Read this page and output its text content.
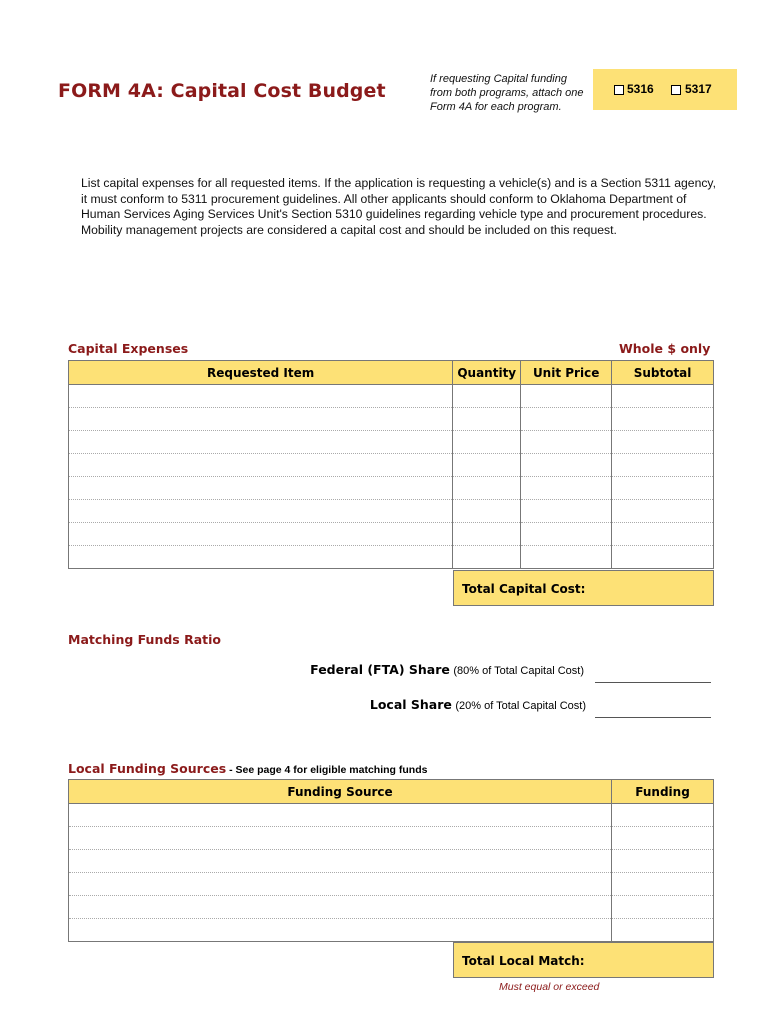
FORM 4A: Capital Cost Budget
If requesting Capital funding from both programs, attach one Form 4A for each program.
5316	5317
List capital expenses for all requested items. If the application is requesting a vehicle(s) and is a Section 5311 agency, it must conform to 5311 procurement guidelines. All other applicants should conform to Oklahoma Department of Human Services Aging Services Unit's Section 5310 guidelines regarding vehicle type and procurement procedures. Mobility management projects are considered a capital cost and should be included on this request.
Capital Expenses	Whole $ only
Requested Item	Quantity	Unit Price	Subtotal

Total Capital Cost:
Matching Funds Ratio
Federal (FTA) Share (80% of Total Capital Cost)
Local Share (20% of Total Capital Cost)
Local Funding Sources - See page 4 for eligible matching funds
Funding Source	Funding

Total Local Match:
Must equal or exceed
